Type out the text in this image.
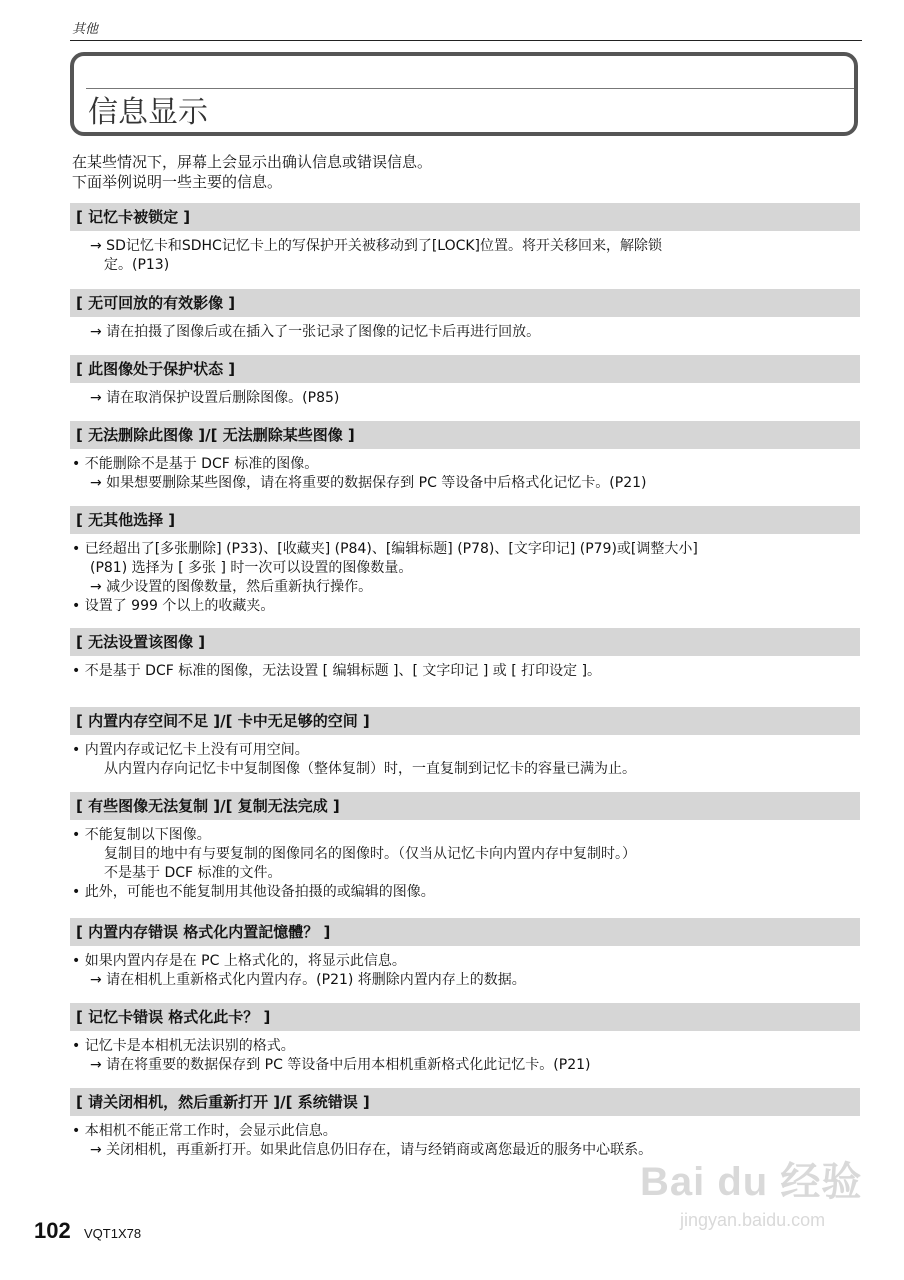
其他
信息显示
在某些情况下，屏幕上会显示出确认信息或错误信息。
下面举例说明一些主要的信息。
[ 记忆卡被锁定 ]
→ SD记忆卡和SDHC记忆卡上的写保护开关被移动到了[LOCK]位置。将开关移回来，解除锁
定。(P13)
[ 无可回放的有效影像 ]
→ 请在拍摄了图像后或在插入了一张记录了图像的记忆卡后再进行回放。
[ 此图像处于保护状态 ]
→ 请在取消保护设置后删除图像。(P85)
[ 无法删除此图像 ]/[ 无法删除某些图像 ]
• 不能删除不是基于 DCF 标准的图像。
→ 如果想要删除某些图像，请在将重要的数据保存到 PC 等设备中后格式化记忆卡。(P21)
[ 无其他选择 ]
• 已经超出了[多张删除] (P33)、[收藏夹] (P84)、[编辑标题] (P78)、[文字印记] (P79)或[调整大小]
(P81) 选择为 [ 多张 ] 时一次可以设置的图像数量。
→ 减少设置的图像数量，然后重新执行操作。
• 设置了 999 个以上的收藏夹。
[ 无法设置该图像 ]
• 不是基于 DCF 标准的图像，无法设置 [ 编辑标题 ]、[ 文字印记 ] 或 [ 打印设定 ]。
[ 内置内存空间不足 ]/[ 卡中无足够的空间 ]
• 内置内存或记忆卡上没有可用空间。
从内置内存向记忆卡中复制图像（整体复制）时，一直复制到记忆卡的容量已满为止。
[ 有些图像无法复制 ]/[ 复制无法完成 ]
• 不能复制以下图像。
复制目的地中有与要复制的图像同名的图像时。（仅当从记忆卡向内置内存中复制时。）
不是基于 DCF 标准的文件。
• 此外，可能也不能复制用其他设备拍摄的或编辑的图像。
[ 内置内存错误 格式化内置記憶體？ ]
• 如果内置内存是在 PC 上格式化的，将显示此信息。
→ 请在相机上重新格式化内置内存。(P21) 将删除内置内存上的数据。
[ 记忆卡错误 格式化此卡？ ]
• 记忆卡是本相机无法识别的格式。
→ 请在将重要的数据保存到 PC 等设备中后用本相机重新格式化此记忆卡。(P21)
[ 请关闭相机，然后重新打开 ]/[ 系统错误 ]
• 本相机不能正常工作时，会显示此信息。
→ 关闭相机，再重新打开。如果此信息仍旧存在，请与经销商或离您最近的服务中心联系。
Bai du 经验
jingyan.baidu.com
102 VQT1X78
